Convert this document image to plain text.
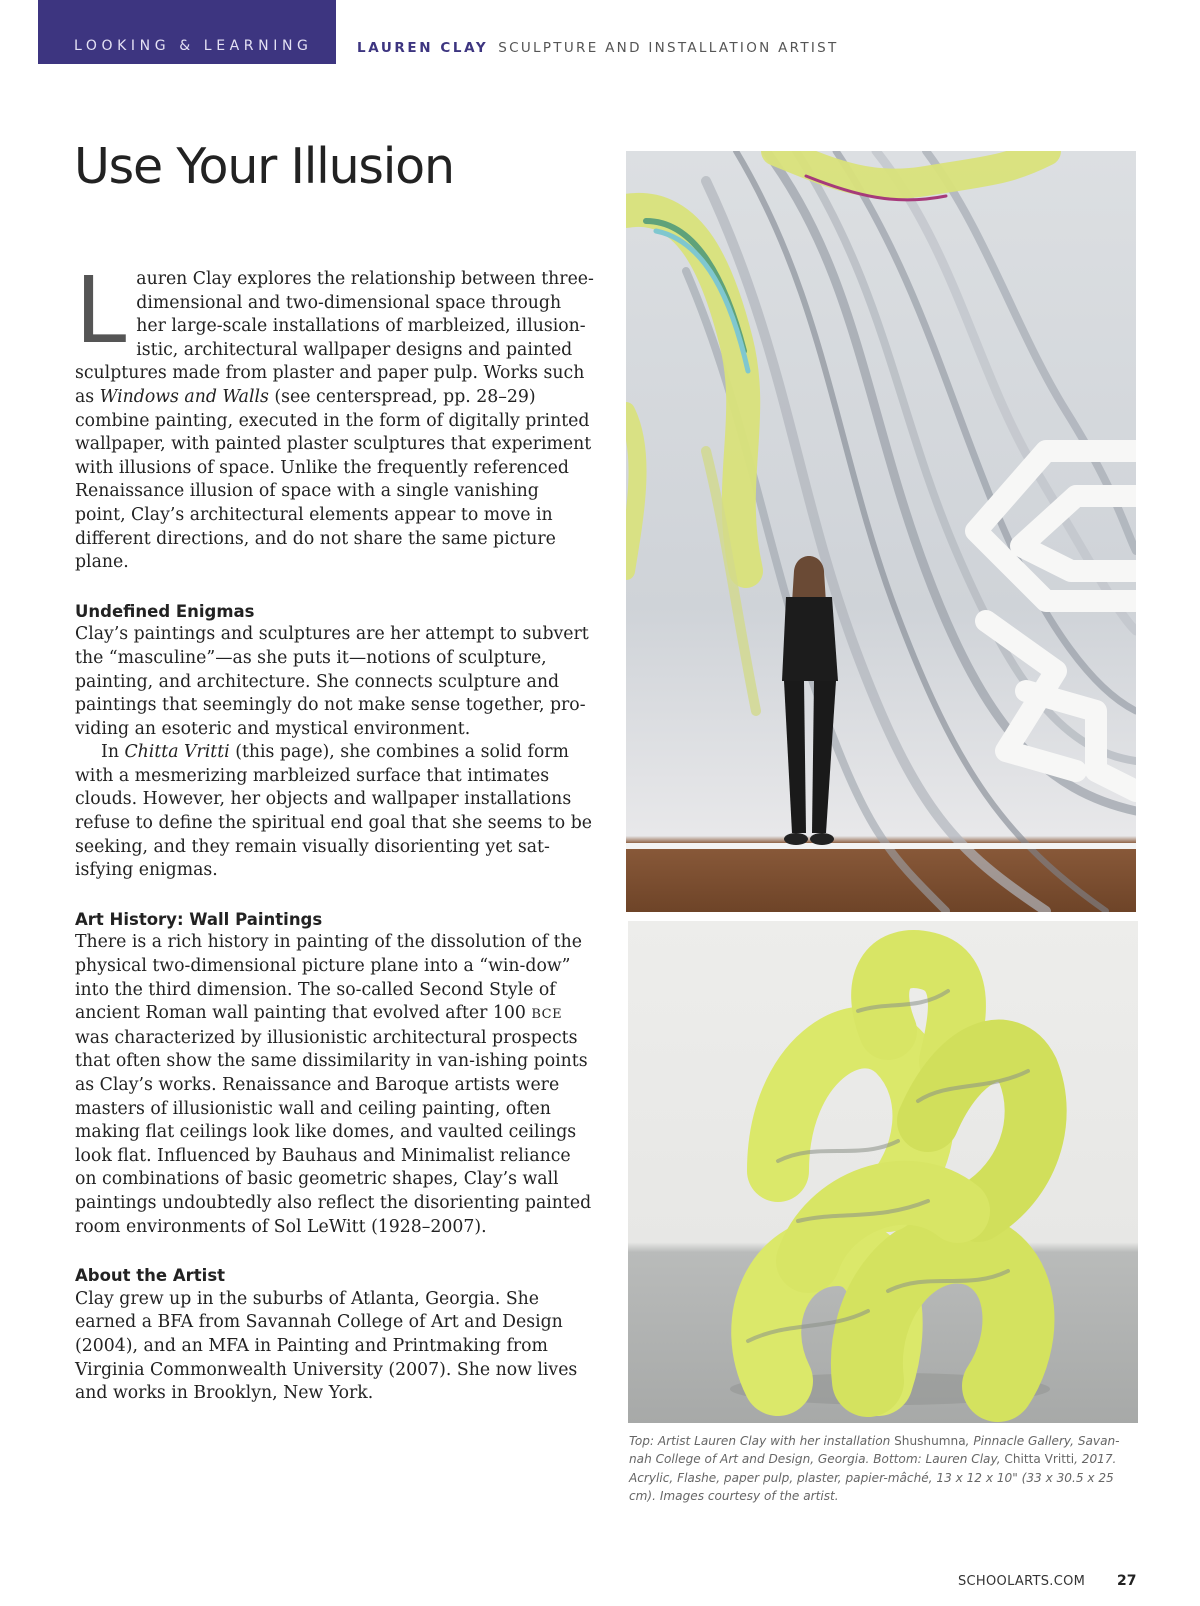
LOOKING & LEARNING	LAUREN CLAY SCULPTURE AND INSTALLATION ARTIST
Use Your Illusion

Lauren Clay explores the relationship between three-dimensional and two-dimensional space through her large-scale installations of marbleized, illusion-istic, architectural wallpaper designs and painted sculptures made from plaster and paper pulp. Works such as Windows and Walls (see centerspread, pp. 28–29) combine painting, executed in the form of digitally printed wallpaper, with painted plaster sculptures that experiment with illusions of space. Unlike the frequently referenced Renaissance illusion of space with a single vanishing point, Clay’s architectural elements appear to move in different directions, and do not share the same picture plane.

Undefined Enigmas

Clay’s paintings and sculptures are her attempt to subvert the “masculine”—as she puts it—notions of sculpture, painting, and architecture. She connects sculpture and paintings that seemingly do not make sense together, pro-viding an esoteric and mystical environment.

In Chitta Vritti (this page), she combines a solid form with a mesmerizing marbleized surface that intimates clouds. However, her objects and wallpaper installations refuse to define the spiritual end goal that she seems to be seeking, and they remain visually disorienting yet sat-isfying enigmas.

Art History: Wall Paintings

There is a rich history in painting of the dissolution of the physical two-dimensional picture plane into a “win-dow” into the third dimension. The so-called Second Style of ancient Roman wall painting that evolved after 100 BCE was characterized by illusionistic architectural prospects that often show the same dissimilarity in van-ishing points as Clay’s works. Renaissance and Baroque artists were masters of illusionistic wall and ceiling painting, often making flat ceilings look like domes, and vaulted ceilings look flat. Influenced by Bauhaus and Minimalist reliance on combinations of basic geometric shapes, Clay’s wall paintings undoubtedly also reflect the disorienting painted room environments of Sol LeWitt (1928–2007).

About the Artist

Clay grew up in the suburbs of Atlanta, Georgia. She earned a BFA from Savannah College of Art and Design (2004), and an MFA in Painting and Printmaking from Virginia Commonwealth University (2007). She now lives and works in Brooklyn, New York.

Top: Artist Lauren Clay with her installation Shushumna, Pinnacle Gallery, Savan-nah College of Art and Design, Georgia. Bottom: Lauren Clay, Chitta Vritti, 2017. Acrylic, Flashe, paper pulp, plaster, papier-mâché, 13 x 12 x 10" (33 x 30.5 x 25 cm). Images courtesy of the artist.
SCHOOLARTS.COM 27
